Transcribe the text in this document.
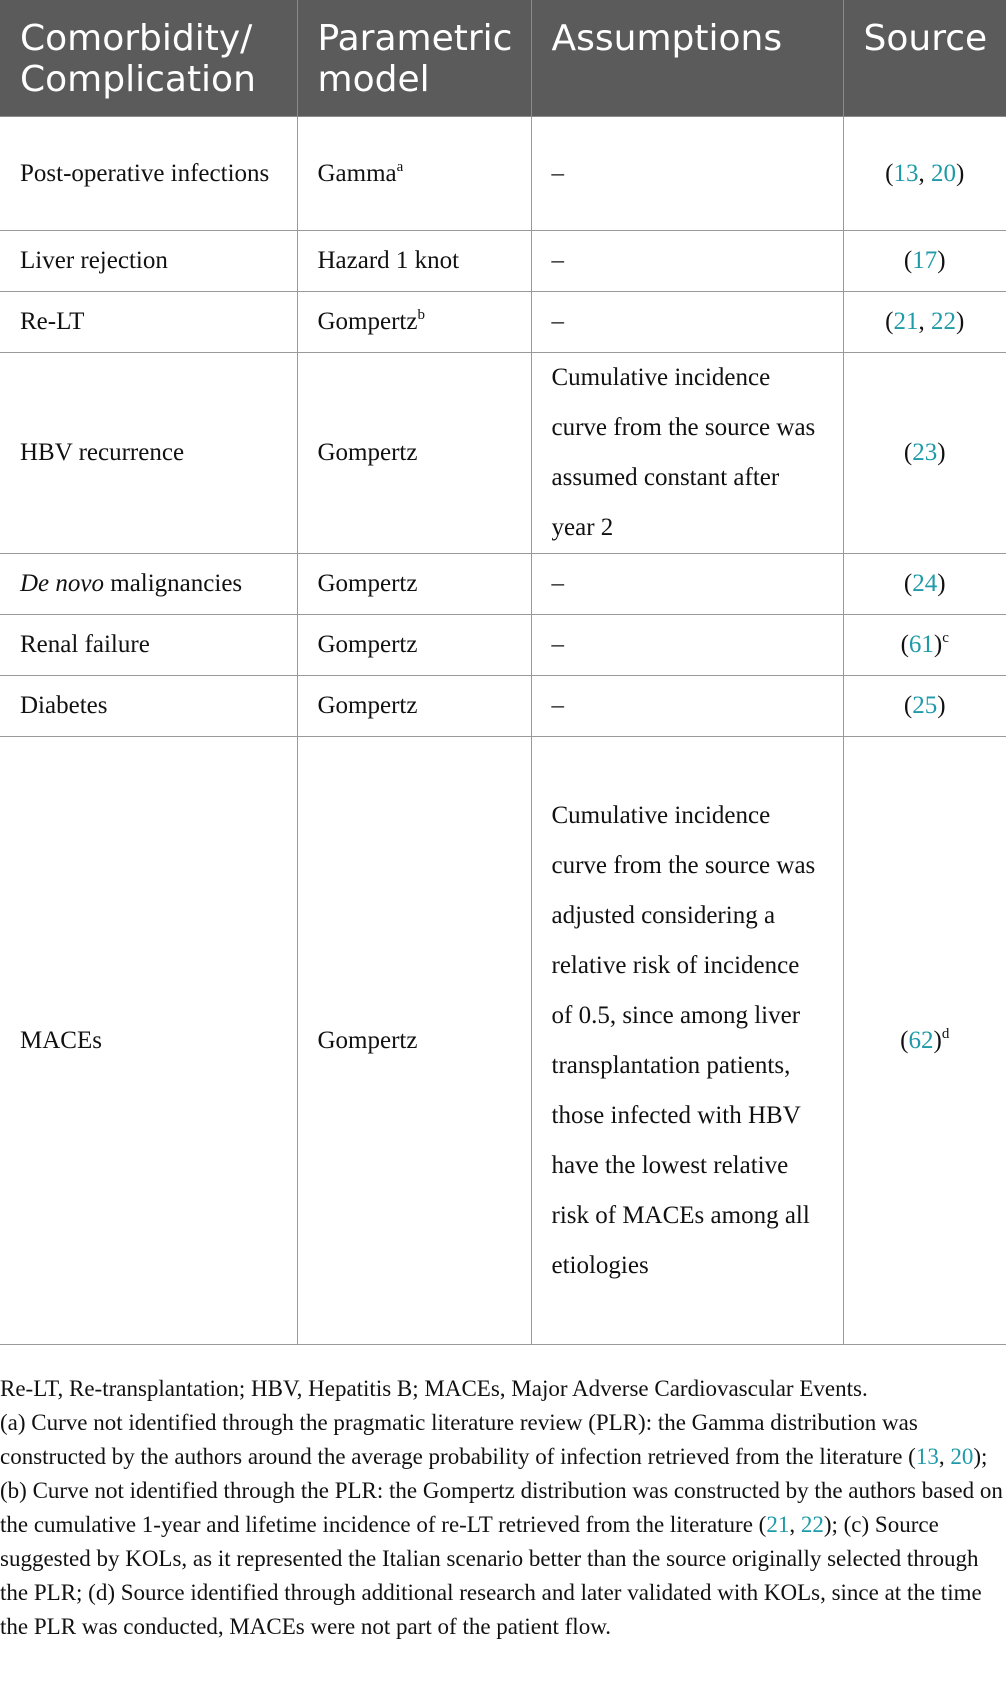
Comorbidity/ Complication	Parametric model	Assumptions	Source
Post-operative infections	Gamma$^a$	–	(13, 20)
Liver rejection	Hazard 1 knot	–	(17)
Re-LT	Gompertz$^b$	–	(21, 22)
HBV recurrence	Gompertz	Cumulative incidence curve from the source was assumed constant after year 2	(23)
De novo malignancies	Gompertz	–	(24)
Renal failure	Gompertz	–	$(61)^c$
Diabetes	Gompertz	–	(25)
MACEs	Gompertz	Cumulative incidence curve from the source was adjusted considering a relative risk of incidence of 0.5, since among liver transplantation patients, those infected with HBV have the lowest relative risk of MACEs among all etiologies	$(62)^d$

Re-LT, Re-transplantation; HBV, Hepatitis B; MACEs, Major Adverse Cardiovascular Events.

(a) Curve not identified through the pragmatic literature review (PLR): the Gamma distribution was constructed by the authors around the average probability of infection retrieved from the literature (13, 20); (b) Curve not identified through the PLR: the Gompertz distribution was constructed by the authors based on the cumulative 1-year and lifetime incidence of re-LT retrieved from the literature (21, 22); (c) Source suggested by KOLs, as it represented the Italian scenario better than the source originally selected through the PLR; (d) Source identified through additional research and later validated with KOLs, since at the time the PLR was conducted, MACEs were not part of the patient flow.
